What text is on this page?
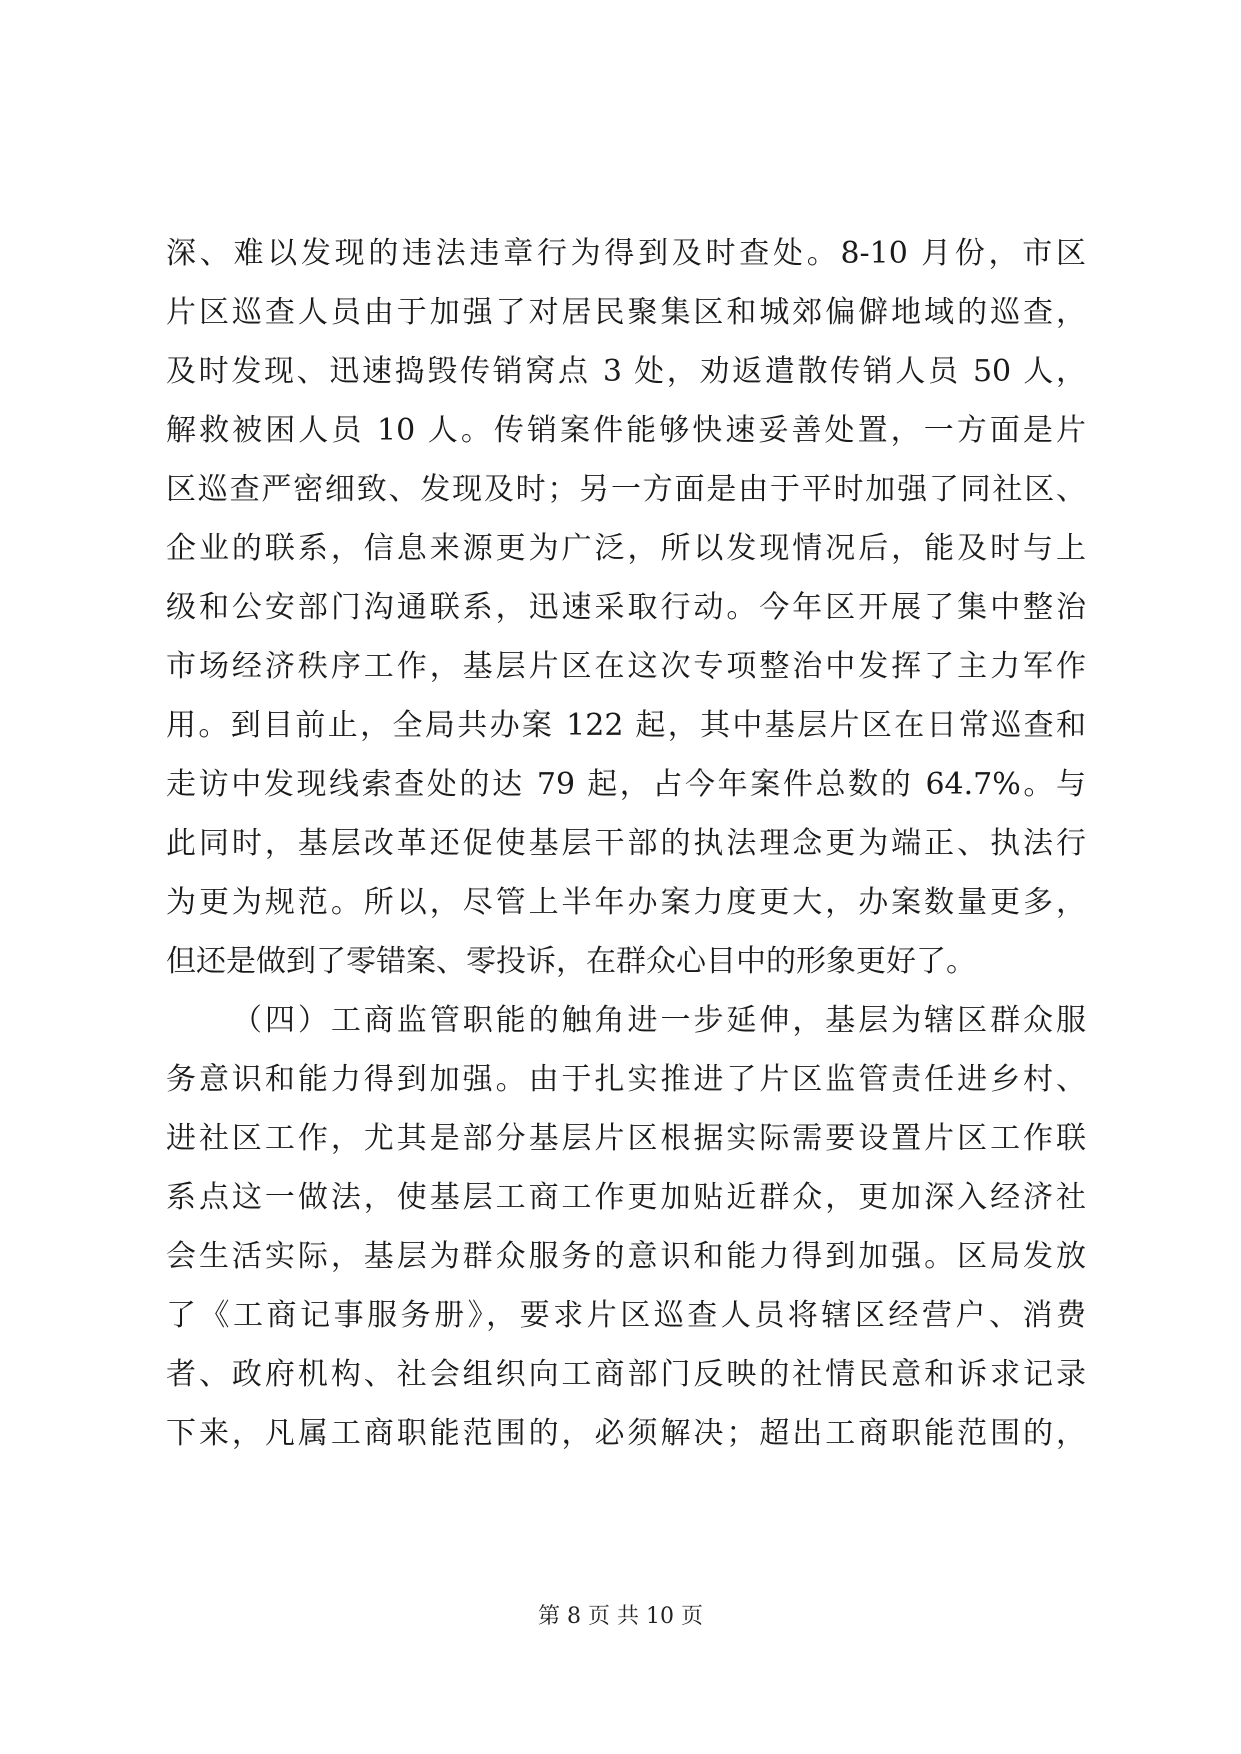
深、难以发现的违法违章行为得到及时查处。8-10 月份，市区
片区巡查人员由于加强了对居民聚集区和城郊偏僻地域的巡查，
及时发现、迅速捣毁传销窝点 3 处，劝返遣散传销人员 50 人，
解救被困人员 10 人。传销案件能够快速妥善处置，一方面是片
区巡查严密细致、发现及时；另一方面是由于平时加强了同社区、
企业的联系，信息来源更为广泛，所以发现情况后，能及时与上
级和公安部门沟通联系，迅速采取行动。今年区开展了集中整治
市场经济秩序工作，基层片区在这次专项整治中发挥了主力军作
用。到目前止，全局共办案 122 起，其中基层片区在日常巡查和
走访中发现线索查处的达 79 起，占今年案件总数的 64.7%。与
此同时，基层改革还促使基层干部的执法理念更为端正、执法行
为更为规范。所以，尽管上半年办案力度更大，办案数量更多，
但还是做到了零错案、零投诉，在群众心目中的形象更好了。
（四）工商监管职能的触角进一步延伸，基层为辖区群众服
务意识和能力得到加强。由于扎实推进了片区监管责任进乡村、
进社区工作，尤其是部分基层片区根据实际需要设置片区工作联
系点这一做法，使基层工商工作更加贴近群众，更加深入经济社
会生活实际，基层为群众服务的意识和能力得到加强。区局发放
了《工商记事服务册》，要求片区巡查人员将辖区经营户、消费
者、政府机构、社会组织向工商部门反映的社情民意和诉求记录
下来，凡属工商职能范围的，必须解决；超出工商职能范围的，
第 8 页 共 10 页
